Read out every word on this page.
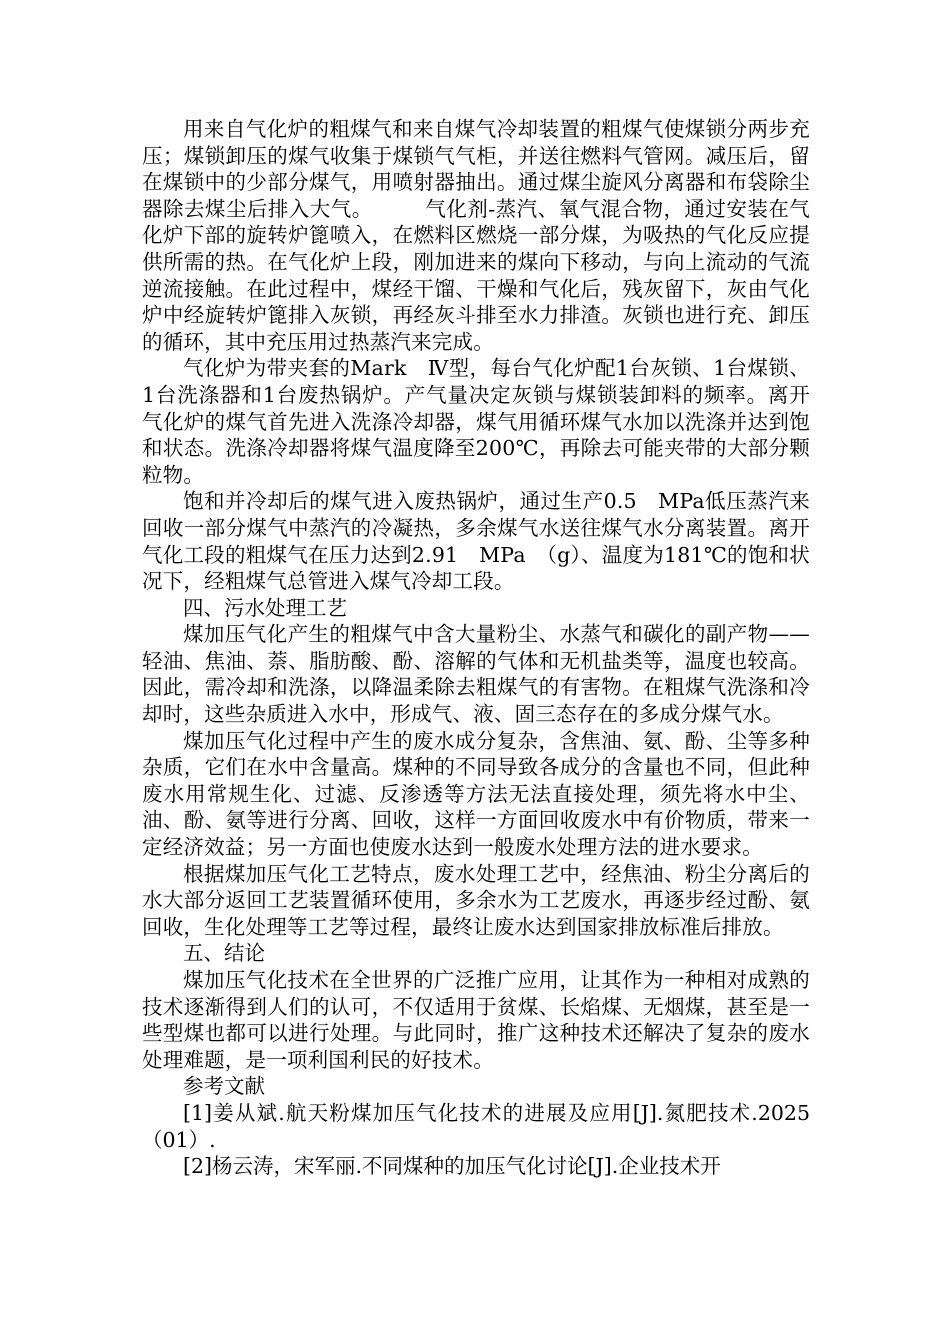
用来自气化炉的粗煤气和来自煤气冷却装置的粗煤气使煤锁分两步充压；煤锁卸压的煤气收集于煤锁气气柜，并送往燃料气管网。减压后，留在煤锁中的少部分煤气，用喷射器抽出。通过煤尘旋风分离器和布袋除尘器除去煤尘后排入大气。　　　气化剂-蒸汽、氧气混合物，通过安装在气化炉下部的旋转炉篦喷入，在燃料区燃烧一部分煤，为吸热的气化反应提供所需的热。在气化炉上段，刚加进来的煤向下移动，与向上流动的气流逆流接触。在此过程中，煤经干馏、干燥和气化后，残灰留下，灰由气化炉中经旋转炉篦排入灰锁，再经灰斗排至水力排渣。灰锁也进行充、卸压的循环，其中充压用过热蒸汽来完成。

气化炉为带夹套的Mark　Ⅳ型，每台气化炉配1台灰锁、1台煤锁、1台洗涤器和1台废热锅炉。产气量决定灰锁与煤锁装卸料的频率。离开气化炉的煤气首先进入洗涤冷却器，煤气用循环煤气水加以洗涤并达到饱和状态。洗涤冷却器将煤气温度降至200℃，再除去可能夹带的大部分颗粒物。

饱和并冷却后的煤气进入废热锅炉，通过生产0.5　MPa低压蒸汽来回收一部分煤气中蒸汽的冷凝热，多余煤气水送往煤气水分离装置。离开气化工段的粗煤气在压力达到2.91　MPa　（g）、温度为181℃的饱和状况下，经粗煤气总管进入煤气冷却工段。

四、污水处理工艺

煤加压气化产生的粗煤气中含大量粉尘、水蒸气和碳化的副产物——轻油、焦油、萘、脂肪酸、酚、溶解的气体和无机盐类等，温度也较高。因此，需冷却和洗涤，以降温柔除去粗煤气的有害物。在粗煤气洗涤和冷却时，这些杂质进入水中，形成气、液、固三态存在的多成分煤气水。

煤加压气化过程中产生的废水成分复杂，含焦油、氨、酚、尘等多种杂质，它们在水中含量高。煤种的不同导致各成分的含量也不同，但此种废水用常规生化、过滤、反渗透等方法无法直接处理，须先将水中尘、油、酚、氨等进行分离、回收，这样一方面回收废水中有价物质，带来一定经济效益；另一方面也使废水达到一般废水处理方法的进水要求。

根据煤加压气化工艺特点，废水处理工艺中，经焦油、粉尘分离后的水大部分返回工艺装置循环使用，多余水为工艺废水，再逐步经过酚、氨回收，生化处理等工艺等过程，最终让废水达到国家排放标准后排放。

五、结论

煤加压气化技术在全世界的广泛推广应用，让其作为一种相对成熟的技术逐渐得到人们的认可，不仅适用于贫煤、长焰煤、无烟煤，甚至是一些型煤也都可以进行处理。与此同时，推广这种技术还解决了复杂的废水处理难题，是一项利国利民的好技术。

参考文献

[1]姜从斌.航天粉煤加压气化技术的进展及应用[J].氮肥技术.2025（01）.

[2]杨云涛，宋军丽.不同煤种的加压气化讨论[J].企业技术开
